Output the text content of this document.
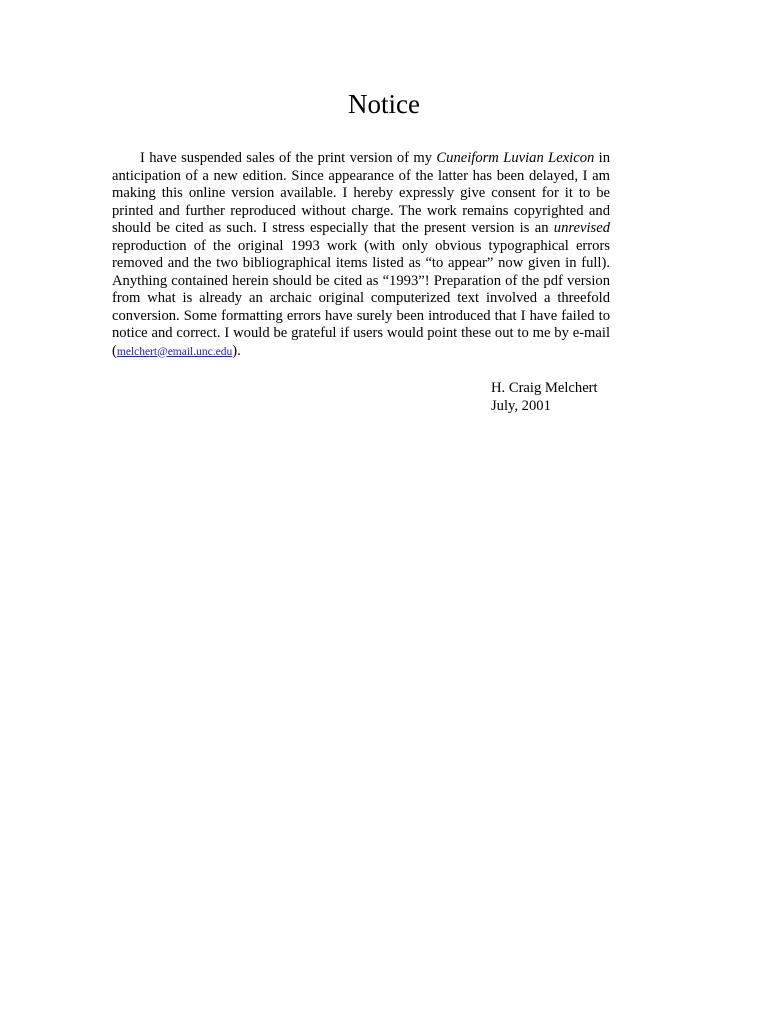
Notice

I have suspended sales of the print version of my Cuneiform Luvian Lexicon in anticipation of a new edition. Since appearance of the latter has been delayed, I am making this online version available. I hereby expressly give consent for it to be printed and further reproduced without charge. The work remains copyrighted and should be cited as such. I stress especially that the present version is an unrevised reproduction of the original 1993 work (with only obvious typographical errors removed and the two bibliographical items listed as “to appear” now given in full). Anything contained herein should be cited as “1993”! Preparation of the pdf version from what is already an archaic original computerized text involved a threefold conversion. Some formatting errors have surely been introduced that I have failed to notice and correct. I would be grateful if users would point these out to me by e-mail (melchert@email.unc.edu).

H. Craig Melchert
July, 2001
